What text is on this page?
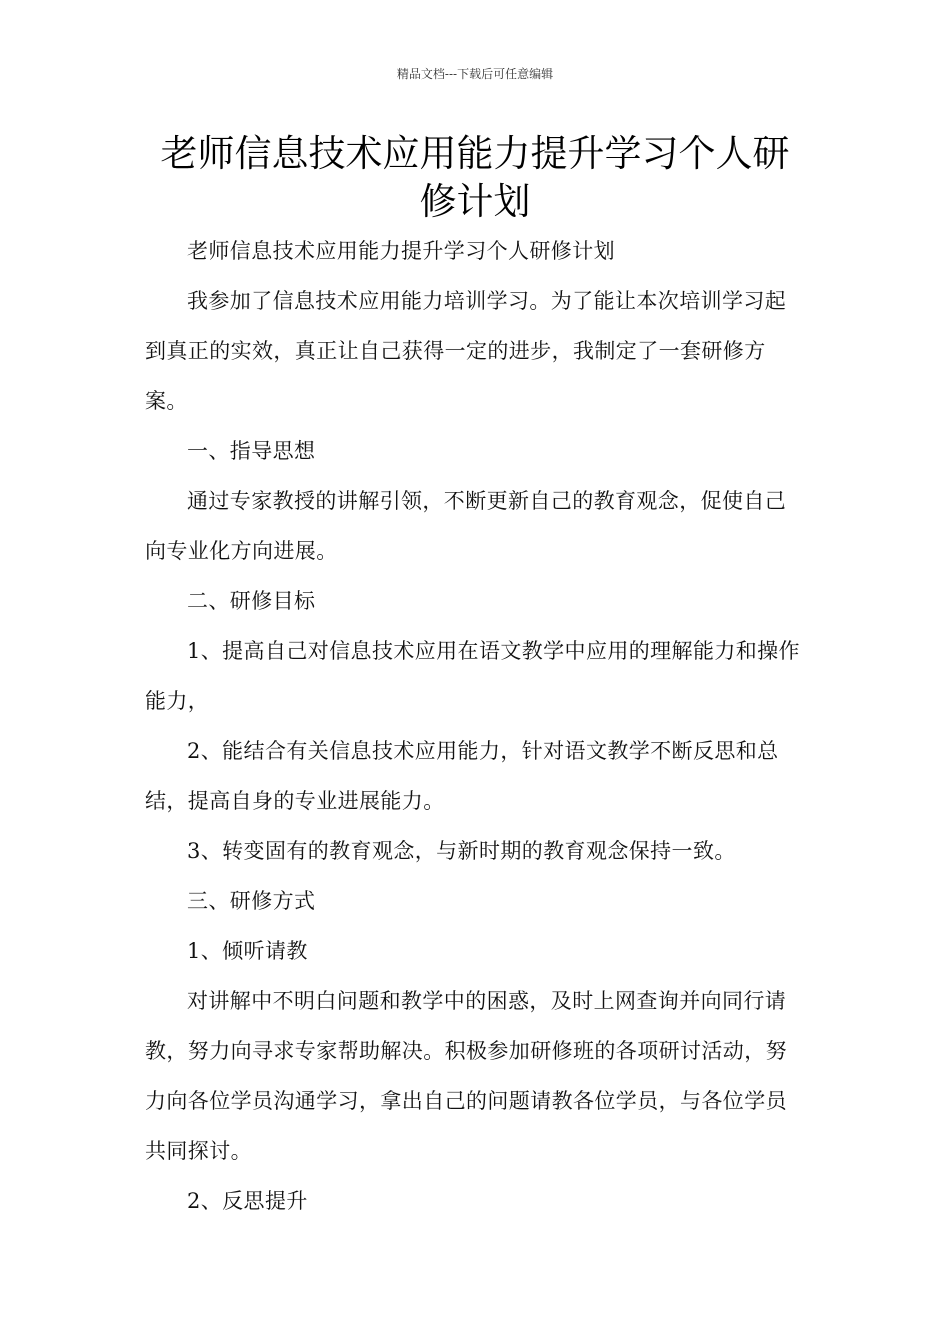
精品文档---下载后可任意编辑
老师信息技术应用能力提升学习个人研修计划

老师信息技术应用能力提升学习个人研修计划

我参加了信息技术应用能力培训学习。为了能让本次培训学习起到真正的实效，真正让自己获得一定的进步，我制定了一套研修方案。

一、指导思想

通过专家教授的讲解引领，不断更新自己的教育观念，促使自己向专业化方向进展。

二、研修目标

1、提高自己对信息技术应用在语文教学中应用的理解能力和操作能力，

2、能结合有关信息技术应用能力，针对语文教学不断反思和总结，提高自身的专业进展能力。

3、转变固有的教育观念，与新时期的教育观念保持一致。

三、研修方式

1、倾听请教

对讲解中不明白问题和教学中的困惑，及时上网查询并向同行请教，努力向寻求专家帮助解决。积极参加研修班的各项研讨活动，努力向各位学员沟通学习，拿出自己的问题请教各位学员，与各位学员共同探讨。

2、反思提升
